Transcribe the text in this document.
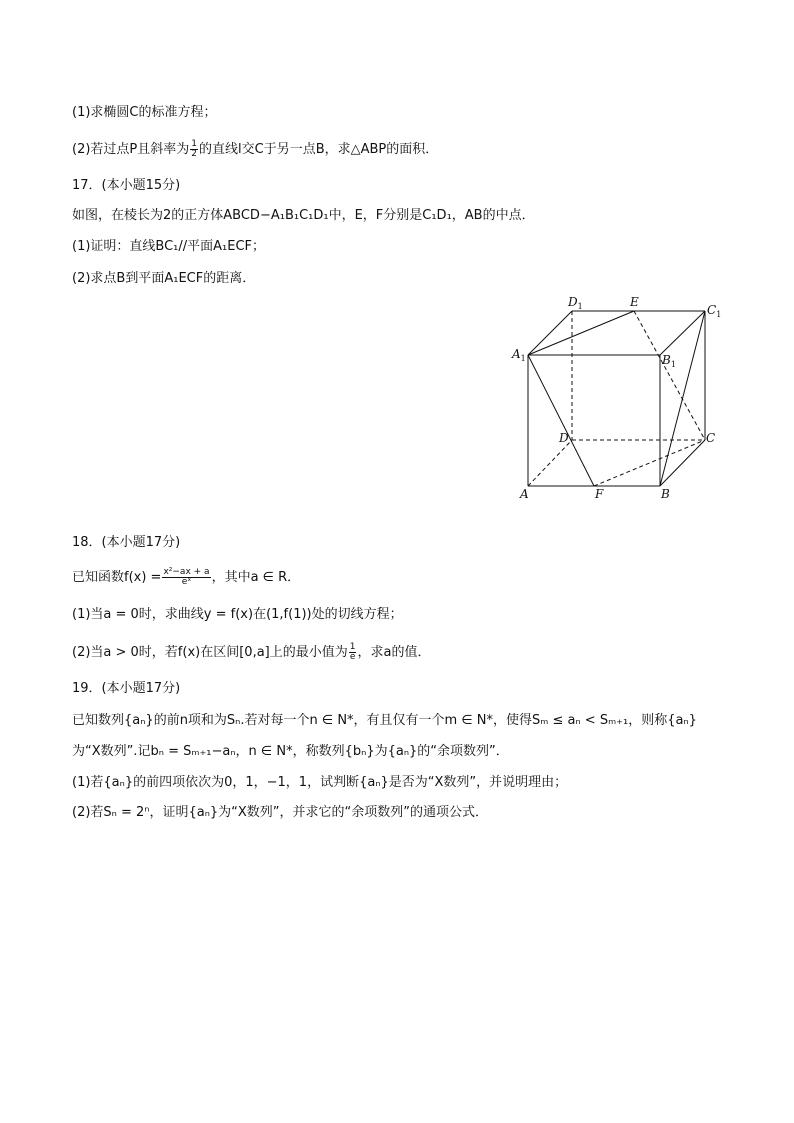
(1)求椭圆C的标准方程；
(2)若过点P且斜率为 $\frac{1}{2}$ 的直线l交C于另一点B，求△ABP的面积．
17．(本小题15分)
如图，在棱长为2的正方体ABCD−A₁B₁C₁D₁中，E，F分别是C₁D₁，AB的中点．
(1)证明：直线BC₁//平面A₁ECF；
(2)求点B到平面A₁ECF的距离．
$D_1$	E
$C_1$
$A_1$	$B_1$
D	C
A	F	B
18．(本小题17分)
已知函数$f(x) = \frac{\text{x²−ax + a}}{\text{eˣ}}$ ，其中a ∈ R．
(1)当a = 0时，求曲线y = f(x)在(1,f(1))处的切线方程；
(2)当a > 0时，若f(x)在区间[0,a]上的最小值为 $\frac{1}{e}$ ，求a的值．
19．(本小题17分)
已知数列{aₙ}的前n项和为Sₙ.若对每一个n ∈ N*，有且仅有一个m ∈ N*，使得Sₘ ≤ aₙ < Sₘ₊₁，则称{aₙ}
为“X数列”.记bₙ = Sₘ₊₁−aₙ，n ∈ N*，称数列{bₙ}为{aₙ}的“余项数列”．
(1)若{aₙ}的前四项依次为0，1，−1，1，试判断{aₙ}是否为“X数列”，并说明理由；
(2)若Sₙ = 2ⁿ，证明{aₙ}为“X数列”，并求它的“余项数列”的通项公式．
